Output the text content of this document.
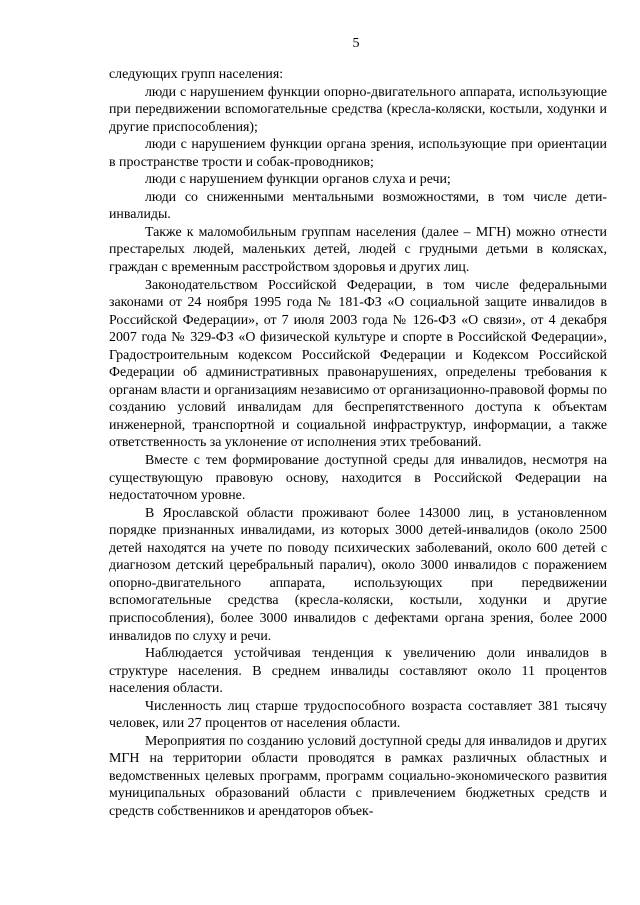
5

следующих групп населения:

люди с нарушением функции опорно-двигательного аппарата, использующие при передвижении вспомогательные средства (кресла-коляски, костыли, ходунки и другие приспособления);

люди с нарушением функции органа зрения, использующие при ориентации в пространстве трости и собак-проводников;

люди с нарушением функции органов слуха и речи;

люди со сниженными ментальными возможностями, в том числе дети-инвалиды.

Также к маломобильным группам населения (далее – МГН) можно отнести престарелых людей, маленьких детей, людей с грудными детьми в колясках, граждан с временным расстройством здоровья и других лиц.

Законодательством Российской Федерации, в том числе федеральными законами от 24 ноября 1995 года № 181-ФЗ «О социальной защите инвалидов в Российской Федерации», от 7 июля 2003 года № 126-ФЗ «О связи», от 4 декабря 2007 года № 329-ФЗ «О физической культуре и спорте в Российской Федерации», Градостроительным кодексом Российской Федерации и Кодексом Российской Федерации об административных правонарушениях, определены требования к органам власти и организациям независимо от организационно-правовой формы по созданию условий инвалидам для беспрепятственного доступа к объектам инженерной, транспортной и социальной инфраструктур, информации, а также ответственность за уклонение от исполнения этих требований.

Вместе с тем формирование доступной среды для инвалидов, несмотря на существующую правовую основу, находится в Российской Федерации на недостаточном уровне.

В Ярославской области проживают более 143000 лиц, в установленном порядке признанных инвалидами, из которых 3000 детей-инвалидов (около 2500 детей находятся на учете по поводу психических заболеваний, около 600 детей с диагнозом детский церебральный паралич), около 3000 инвалидов с поражением опорно-двигательного аппарата, использующих при передвижении вспомогательные средства (кресла-коляски, костыли, ходунки и другие приспособления), более 3000 инвалидов с дефектами органа зрения, более 2000 инвалидов по слуху и речи.

Наблюдается устойчивая тенденция к увеличению доли инвалидов в структуре населения. В среднем инвалиды составляют около 11 процентов населения области.

Численность лиц старше трудоспособного возраста составляет 381 тысячу человек, или 27 процентов от населения области.

Мероприятия по созданию условий доступной среды для инвалидов и других МГН на территории области проводятся в рамках различных областных и ведомственных целевых программ, программ социально-экономического развития муниципальных образований области с привлечением бюджетных средств и средств собственников и арендаторов объек-
